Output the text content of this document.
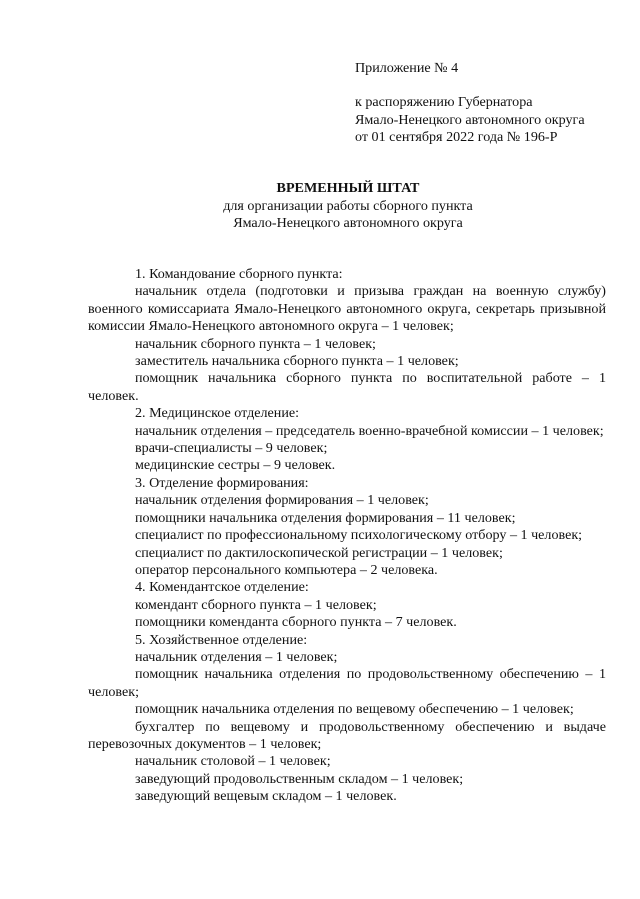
Приложение № 4
к распоряжению Губернатора
Ямало-Ненецкого автономного округа
от 01 сентября 2022 года № 196-Р
ВРЕМЕННЫЙ ШТАТ
для организации работы сборного пункта
Ямало-Ненецкого автономного округа

1. Командование сборного пункта:

начальник отдела (подготовки и призыва граждан на военную службу) военного комиссариата Ямало-Ненецкого автономного округа, секретарь призывной комиссии Ямало-Ненецкого автономного округа – 1 человек;

начальник сборного пункта – 1 человек;

заместитель начальника сборного пункта – 1 человек;

помощник начальника сборного пункта по воспитательной работе – 1 человек.

2. Медицинское отделение:

начальник отделения – председатель военно-врачебной комиссии – 1 человек;

врачи-специалисты – 9 человек;

медицинские сестры – 9 человек.

3. Отделение формирования:

начальник отделения формирования – 1 человек;

помощники начальника отделения формирования – 11 человек;

специалист по профессиональному психологическому отбору – 1 человек;

специалист по дактилоскопической регистрации – 1 человек;

оператор персонального компьютера – 2 человека.

4. Комендантское отделение:

комендант сборного пункта – 1 человек;

помощники коменданта сборного пункта – 7 человек.

5. Хозяйственное отделение:

начальник отделения – 1 человек;

помощник начальника отделения по продовольственному обеспечению – 1 человек;

помощник начальника отделения по вещевому обеспечению – 1 человек;

бухгалтер по вещевому и продовольственному обеспечению и выдаче перевозочных документов – 1 человек;

начальник столовой – 1 человек;

заведующий продовольственным складом – 1 человек;

заведующий вещевым складом – 1 человек.
